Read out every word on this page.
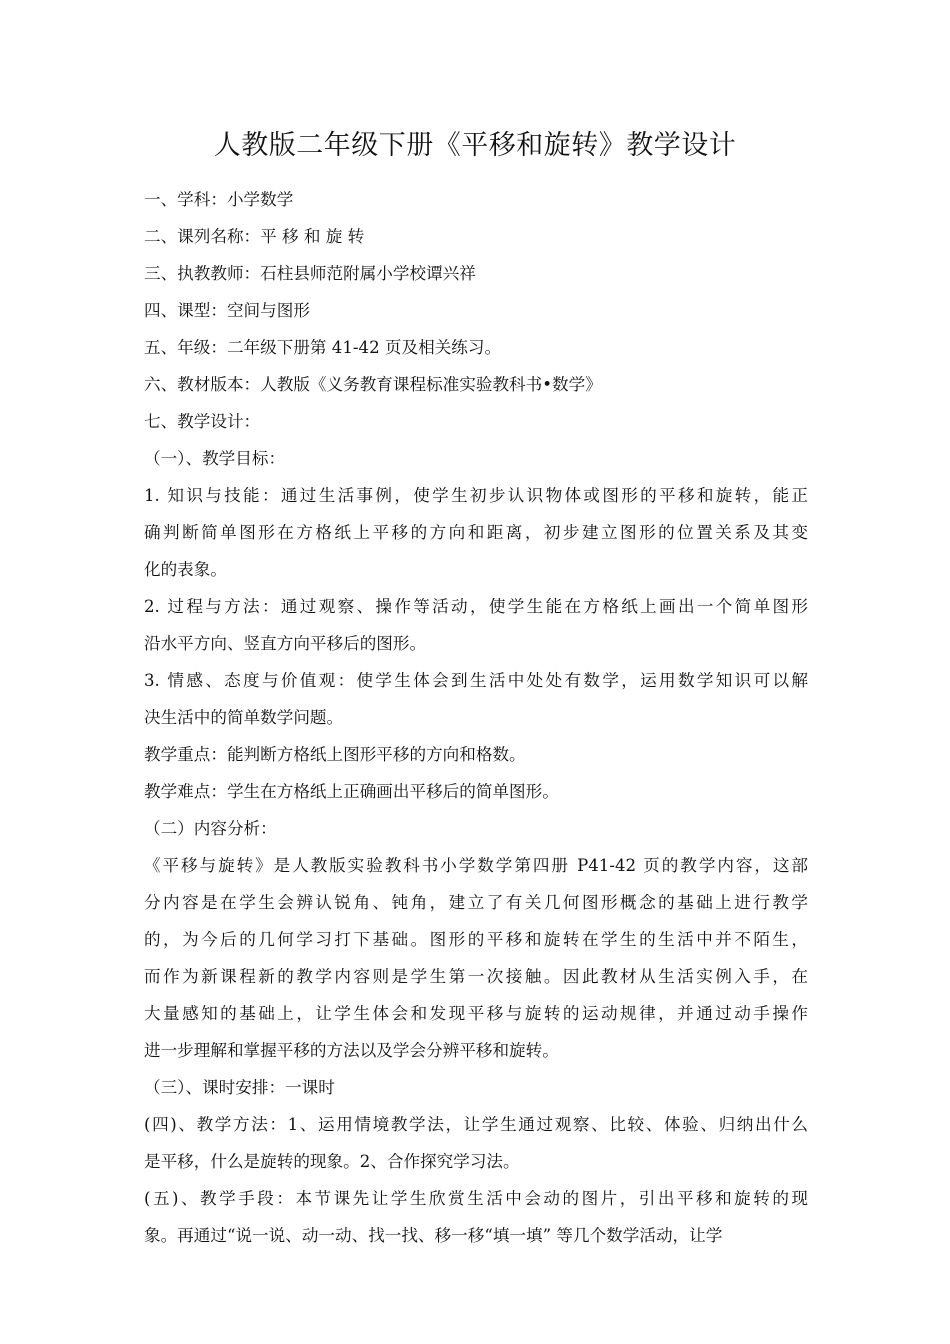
人教版二年级下册《平移和旋转》教学设计
一、学科：小学数学
二、课列名称：平 移 和 旋 转
三、执教教师：石柱县师范附属小学校谭兴祥
四、课型：空间与图形
五、年级：二年级下册第 41-42 页及相关练习。
六、教材版本：人教版《义务教育课程标准实验教科书•数学》
七、教学设计：
（一）、教学目标：
1. 知识与技能：通过生活事例，使学生初步认识物体或图形的平移和旋转，能正
确判断简单图形在方格纸上平移的方向和距离，初步建立图形的位置关系及其变
化的表象。
2. 过程与方法：通过观察、操作等活动，使学生能在方格纸上画出一个简单图形
沿水平方向、竖直方向平移后的图形。
3. 情感、态度与价值观：使学生体会到生活中处处有数学，运用数学知识可以解
决生活中的简单数学问题。
教学重点：能判断方格纸上图形平移的方向和格数。
教学难点：学生在方格纸上正确画出平移后的简单图形。
（二）内容分析：
《平移与旋转》是人教版实验教科书小学数学第四册 P41-42 页的教学内容，这部
分内容是在学生会辨认锐角、钝角，建立了有关几何图形概念的基础上进行教学
的，为今后的几何学习打下基础。图形的平移和旋转在学生的生活中并不陌生，
而作为新课程新的教学内容则是学生第一次接触。因此教材从生活实例入手，在
大量感知的基础上，让学生体会和发现平移与旋转的运动规律，并通过动手操作
进一步理解和掌握平移的方法以及学会分辨平移和旋转。
（三）、课时安排：一课时
(四)、教学方法：1、运用情境教学法，让学生通过观察、比较、体验、归纳出什么
是平移，什么是旋转的现象。2、合作探究学习法。
(五)、教学手段：本节课先让学生欣赏生活中会动的图片，引出平移和旋转的现
象。再通过“说一说、动一动、找一找、移一移“填一填” 等几个数学活动，让学
